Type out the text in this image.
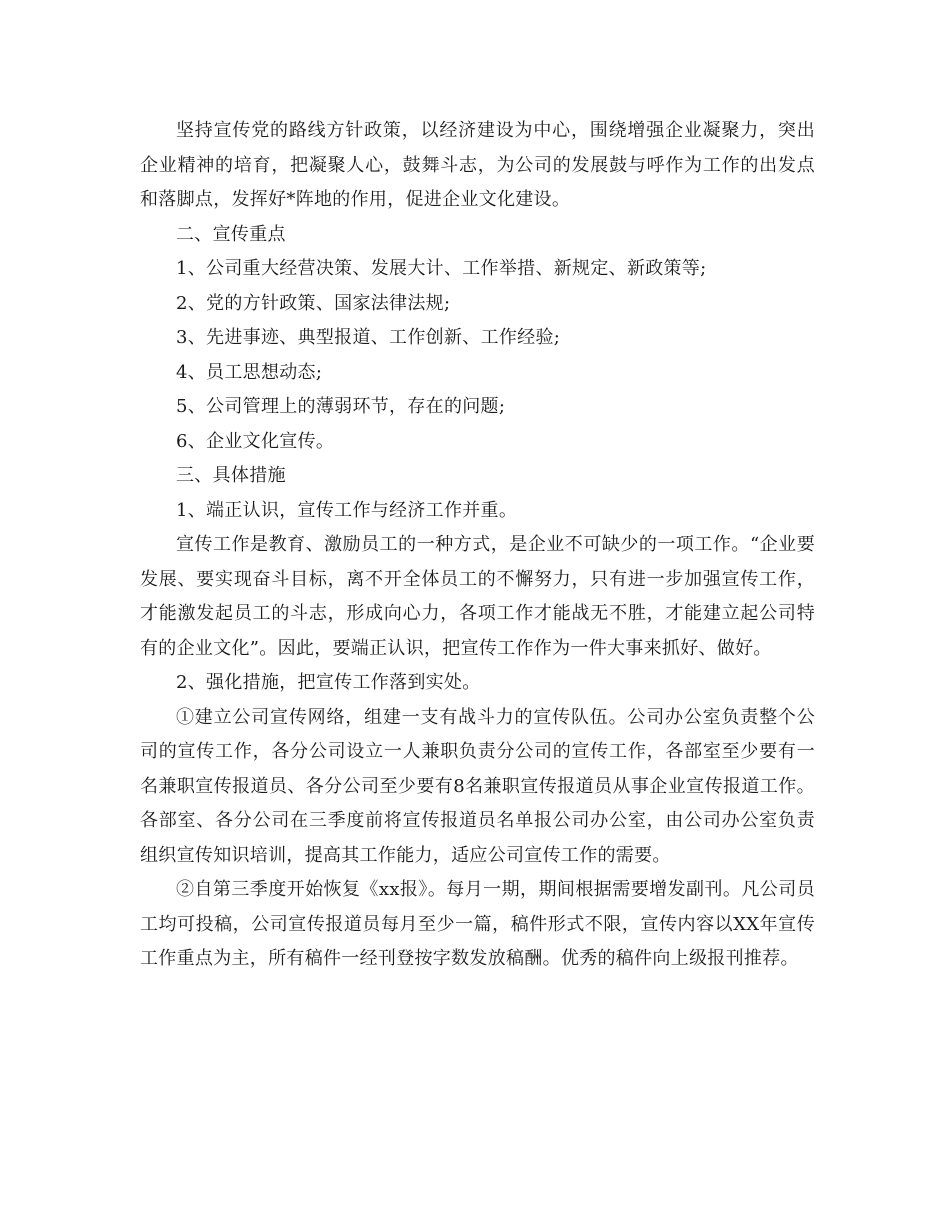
坚持宣传党的路线方针政策，以经济建设为中心，围绕增强企业凝聚力，突出企业精神的培育，把凝聚人心，鼓舞斗志，为公司的发展鼓与呼作为工作的出发点和落脚点，发挥好*阵地的作用，促进企业文化建设。

二、宣传重点

1、公司重大经营决策、发展大计、工作举措、新规定、新政策等;

2、党的方针政策、国家法律法规;

3、先进事迹、典型报道、工作创新、工作经验;

4、员工思想动态;

5、公司管理上的薄弱环节，存在的问题;

6、企业文化宣传。

三、具体措施

1、端正认识，宣传工作与经济工作并重。

宣传工作是教育、激励员工的一种方式，是企业不可缺少的一项工作。“企业要发展、要实现奋斗目标，离不开全体员工的不懈努力，只有进一步加强宣传工作，才能激发起员工的斗志，形成向心力，各项工作才能战无不胜，才能建立起公司特有的企业文化”。因此，要端正认识，把宣传工作作为一件大事来抓好、做好。

2、强化措施，把宣传工作落到实处。

①建立公司宣传网络，组建一支有战斗力的宣传队伍。公司办公室负责整个公司的宣传工作，各分公司设立一人兼职负责分公司的宣传工作，各部室至少要有一名兼职宣传报道员、各分公司至少要有8名兼职宣传报道员从事企业宣传报道工作。各部室、各分公司在三季度前将宣传报道员名单报公司办公室，由公司办公室负责组织宣传知识培训，提高其工作能力，适应公司宣传工作的需要。

②自第三季度开始恢复《xx报》。每月一期，期间根据需要增发副刊。凡公司员工均可投稿，公司宣传报道员每月至少一篇，稿件形式不限，宣传内容以XX年宣传工作重点为主，所有稿件一经刊登按字数发放稿酬。优秀的稿件向上级报刊推荐。
